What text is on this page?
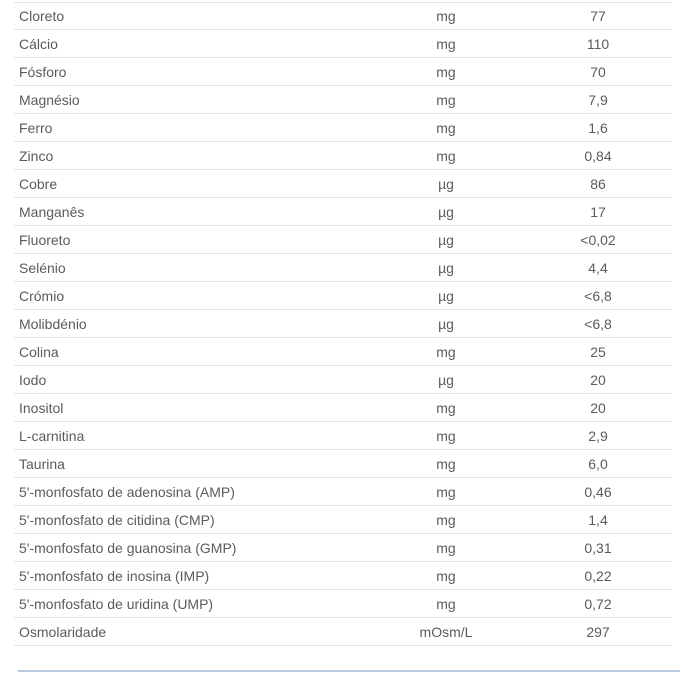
Cloreto	mg	77
Cálcio	mg	110
Fósforo	mg	70
Magnésio	mg	7,9
Ferro	mg	1,6
Zinco	mg	0,84
Cobre	µg	86
Manganês	µg	17
Fluoreto	µg	<0,02
Selénio	µg	4,4
Crómio	µg	<6,8
Molibdénio	µg	<6,8
Colina	mg	25
Iodo	µg	20
Inositol	mg	20
L-carnitina	mg	2,9
Taurina	mg	6,0
5'-monfosfato de adenosina (AMP)	mg	0,46
5'-monfosfato de citidina (CMP)	mg	1,4
5'-monfosfato de guanosina (GMP)	mg	0,31
5'-monfosfato de inosina (IMP)	mg	0,22
5'-monfosfato de uridina (UMP)	mg	0,72
Osmolaridade	mOsm/L	297
